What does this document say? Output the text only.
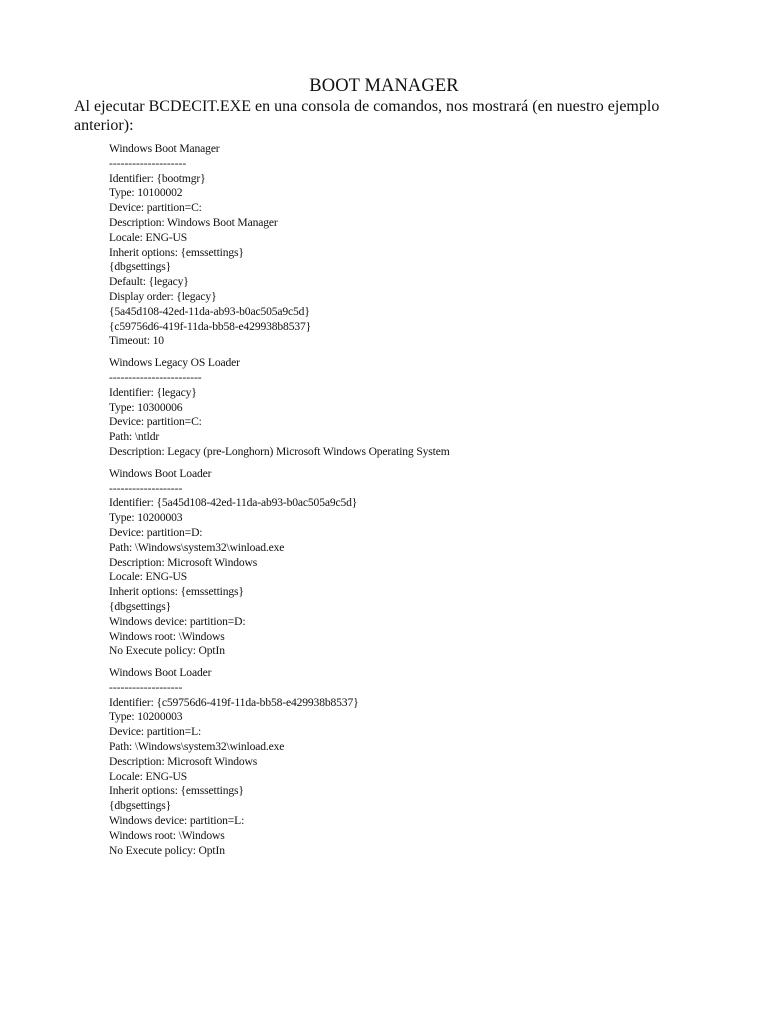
BOOT MANAGER
Al ejecutar BCDECIT.EXE en una consola de comandos, nos mostrará (en nuestro ejemplo anterior):
Windows Boot Manager
--------------------
Identifier: {bootmgr}
Type: 10100002
Device: partition=C:
Description: Windows Boot Manager
Locale: ENG-US
Inherit options: {emssettings}
{dbgsettings}
Default: {legacy}
Display order: {legacy}
{5a45d108-42ed-11da-ab93-b0ac505a9c5d}
{c59756d6-419f-11da-bb58-e429938b8537}
Timeout: 10
Windows Legacy OS Loader
------------------------
Identifier: {legacy}
Type: 10300006
Device: partition=C:
Path: \ntldr
Description: Legacy (pre-Longhorn) Microsoft Windows Operating System
Windows Boot Loader
-------------------
Identifier: {5a45d108-42ed-11da-ab93-b0ac505a9c5d}
Type: 10200003
Device: partition=D:
Path: \Windows\system32\winload.exe
Description: Microsoft Windows
Locale: ENG-US
Inherit options: {emssettings}
{dbgsettings}
Windows device: partition=D:
Windows root: \Windows
No Execute policy: OptIn
Windows Boot Loader
-------------------
Identifier: {c59756d6-419f-11da-bb58-e429938b8537}
Type: 10200003
Device: partition=L:
Path: \Windows\system32\winload.exe
Description: Microsoft Windows
Locale: ENG-US
Inherit options: {emssettings}
{dbgsettings}
Windows device: partition=L:
Windows root: \Windows
No Execute policy: OptIn
